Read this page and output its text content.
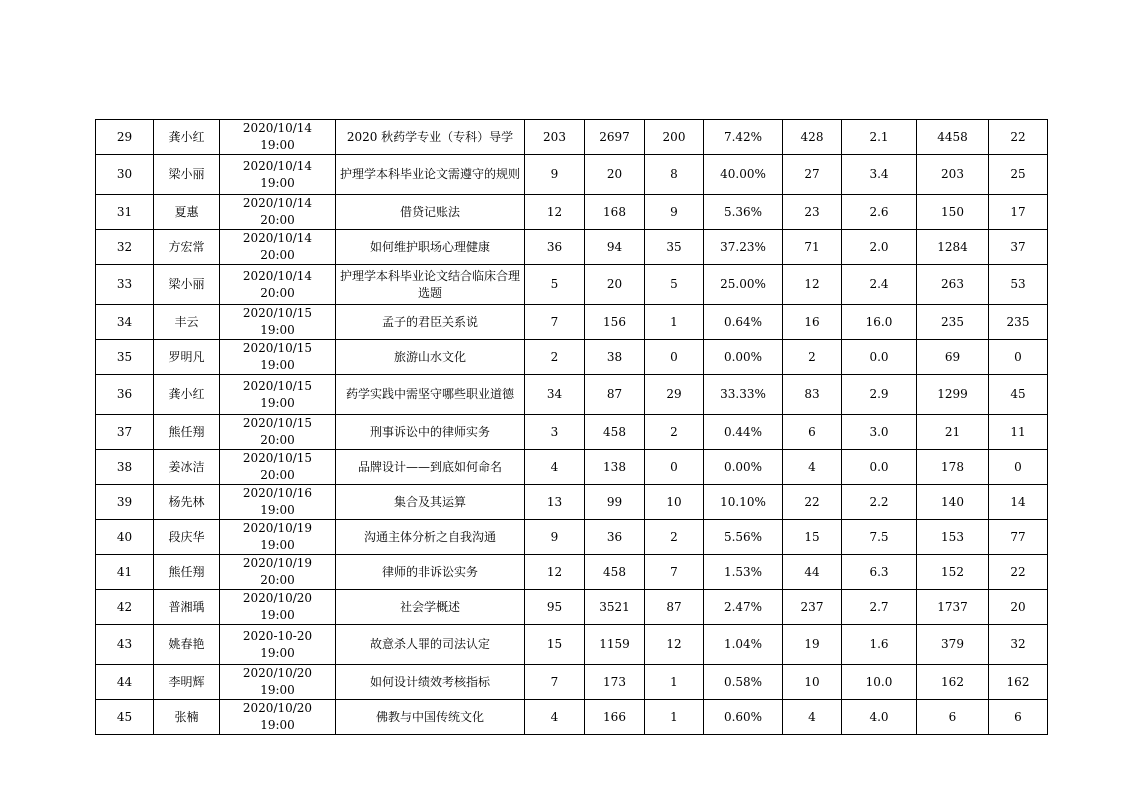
29	龚小红	2020/10/14 19:00	2020 秋药学专业（专科）导学	203	2697	200	7.42%	428	2.1	4458	22
30	梁小丽	2020/10/14 19:00	护理学本科毕业论文需遵守的规则	9	20	8	40.00%	27	3.4	203	25
31	夏惠	2020/10/14 20:00	借贷记账法	12	168	9	5.36%	23	2.6	150	17
32	方宏常	2020/10/14 20:00	如何维护职场心理健康	36	94	35	37.23%	71	2.0	1284	37
33	梁小丽	2020/10/14 20:00	护理学本科毕业论文结合临床合理选题	5	20	5	25.00%	12	2.4	263	53
34	丰云	2020/10/15 19:00	孟子的君臣关系说	7	156	1	0.64%	16	16.0	235	235
35	罗明凡	2020/10/15 19:00	旅游山水文化	2	38	0	0.00%	2	0.0	69	0
36	龚小红	2020/10/15 19:00	药学实践中需坚守哪些职业道德	34	87	29	33.33%	83	2.9	1299	45
37	熊任翔	2020/10/15 20:00	刑事诉讼中的律师实务	3	458	2	0.44%	6	3.0	21	11
38	姜冰洁	2020/10/15 20:00	品牌设计——到底如何命名	4	138	0	0.00%	4	0.0	178	0
39	杨先林	2020/10/16 19:00	集合及其运算	13	99	10	10.10%	22	2.2	140	14
40	段庆华	2020/10/19 19:00	沟通主体分析之自我沟通	9	36	2	5.56%	15	7.5	153	77
41	熊任翔	2020/10/19 20:00	律师的非诉讼实务	12	458	7	1.53%	44	6.3	152	22
42	普湘瑀	2020/10/20 19:00	社会学概述	95	3521	87	2.47%	237	2.7	1737	20
43	姚春艳	2020-10-20 19:00	故意杀人罪的司法认定	15	1159	12	1.04%	19	1.6	379	32
44	李明辉	2020/10/20 19:00	如何设计绩效考核指标	7	173	1	0.58%	10	10.0	162	162
45	张楠	2020/10/20 19:00	佛教与中国传统文化	4	166	1	0.60%	4	4.0	6	6
